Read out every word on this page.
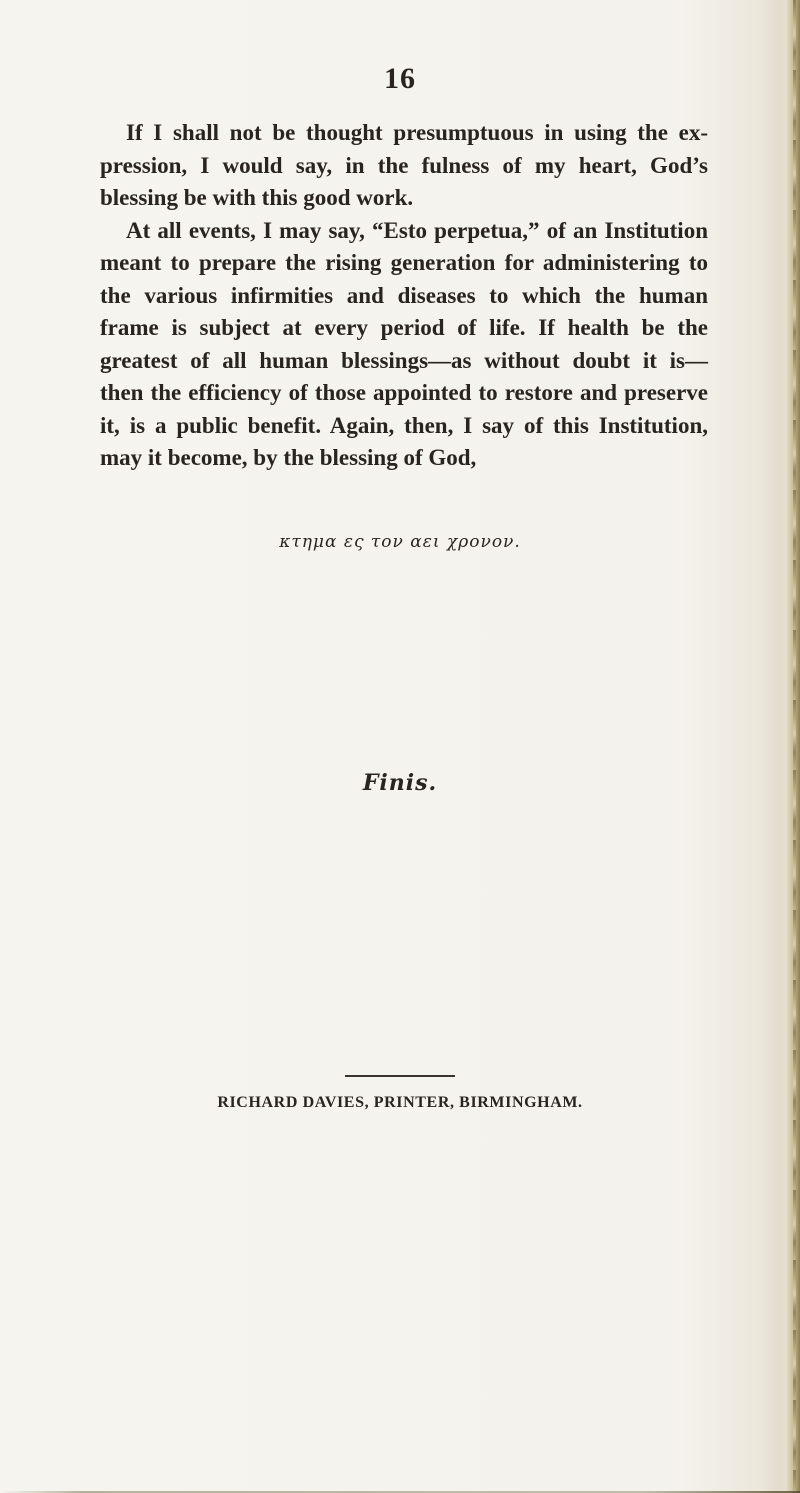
16
If I shall not be thought presumptuous in using the ex-
pression, I would say, in the fulness of my heart, God’s
blessing be with this good work.
At all events, I may say, “Esto perpetua,” of an Institution
meant to prepare the rising generation for administering to
the various infirmities and diseases to which the human
frame is subject at every period of life. If health be the
greatest of all human blessings—as without doubt it is—
then the efficiency of those appointed to restore and preserve
it, is a public benefit. Again, then, I say of this Institution,
may it become, by the blessing of God,
κτημα ες τον αει χρονον.
Finis.
RICHARD DAVIES, PRINTER, BIRMINGHAM.
